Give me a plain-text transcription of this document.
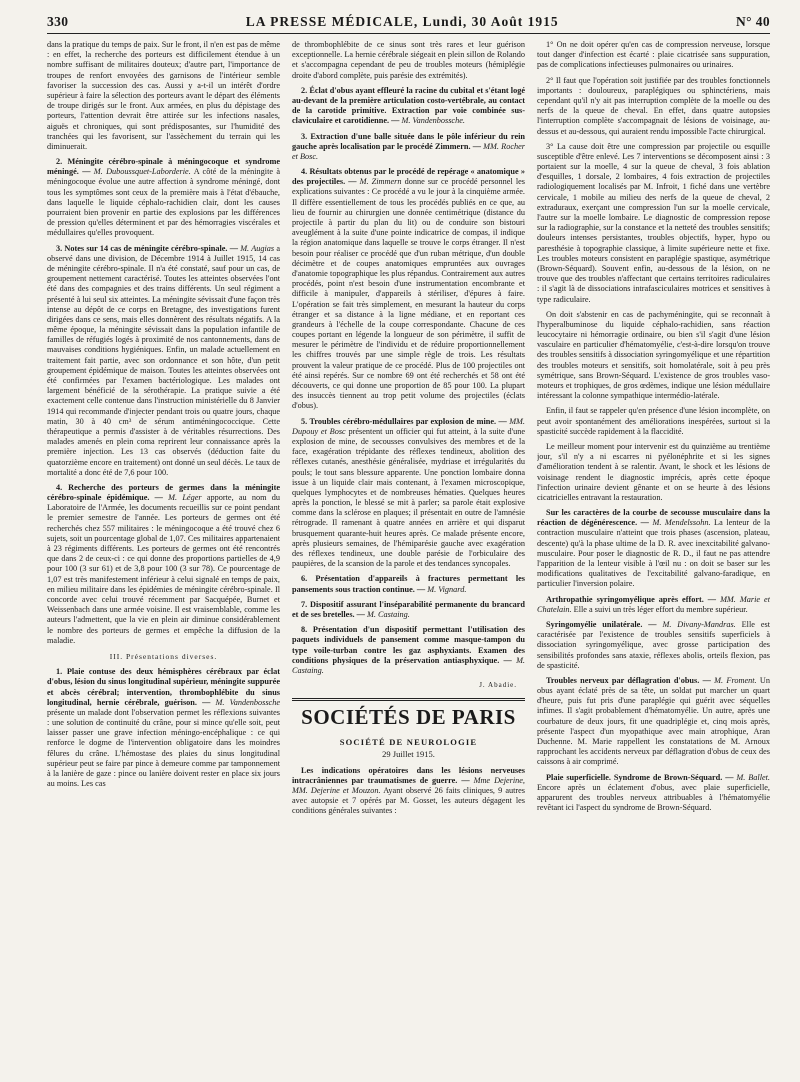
330	LA PRESSE MÉDICALE, Lundi, 30 Août 1915	N° 40

dans la pratique du temps de paix. Sur le front, il n'en est pas de même : en effet, la recherche des porteurs est difficilement étendue à un nombre suffisant de militaires douteux; d'autre part, l'importance de troupes de renfort envoyées des garnisons de l'intérieur semble favoriser la succession des cas. Aussi y a-t-il un intérêt d'ordre supérieur à faire la sélection des porteurs avant le départ des éléments de troupe dirigés sur le front. Aux armées, en plus du dépistage des porteurs, l'attention devrait être attirée sur les infections nasales, aiguës et chroniques, qui sont prédisposantes, sur l'humidité des tranchées qui les favorisent, sur l'assèchement du terrain qui les diminuerait.

2. Méningite cérébro-spinale à méningocoque et syndrome méningé. — M. Duboussquet-Laborderie. A côté de la méningite à méningocoque évolue une autre affection à syndrome méningé, dont tous les symptômes sont ceux de la première mais à l'état d'ébauche, dans laquelle le liquide céphalo-rachidien clair, dont les causes pourraient bien provenir en partie des explosions par les différences de pression qu'elles déterminent et par des hémorragies viscérales et médullaires qu'elles provoquent.

3. Notes sur 14 cas de méningite cérébro-spinale. — M. Augias a observé dans une division, de Décembre 1914 à Juillet 1915, 14 cas de méningite cérébro-spinale. Il n'a été constaté, sauf pour un cas, de groupement nettement caractérisé. Toutes les atteintes observées l'ont été dans des compagnies et des trains différents. Un seul régiment a présenté à lui seul six atteintes. La méningite sévissait d'une façon très intense au dépôt de ce corps en Bretagne, des investigations furent dirigées dans ce sens, mais elles donnèrent des résultats négatifs. A la même époque, la méningite sévissait dans la population infantile de familles de réfugiés logés à proximité de nos cantonnements, dans de mauvaises conditions hygiéniques. Enfin, un malade actuellement en traitement fait partie, avec son ordonnance et son hôte, d'un petit groupement épidémique de maison. Toutes les atteintes observées ont été confirmées par l'examen bactériologique. Les malades ont largement bénéficié de la sérothérapie. La pratique suivie a été exactement celle contenue dans l'instruction ministérielle du 8 Janvier 1914 qui recommande d'injecter pendant trois ou quatre jours, chaque matin, 30 à 40 cm³ de sérum antiméningococcique. Cette thérapeutique a permis d'assister à de véritables résurrections. Des malades amenés en plein coma reprirent leur connaissance après la première injection. Les 13 cas observés (déduction faite du quatorzième encore en traitement) ont donné un seul décès. Le taux de mortalité a donc été de 7,6 pour 100.

4. Recherche des porteurs de germes dans la méningite cérébro-spinale épidémique. — M. Léger apporte, au nom du Laboratoire de l'Armée, les documents recueillis sur ce point pendant le premier semestre de l'année. Les porteurs de germes ont été recherchés chez 557 militaires : le méningocoque a été trouvé chez 6 sujets, soit un pourcentage global de 1,07. Ces militaires appartenaient à 23 régiments différents. Les porteurs de germes ont été rencontrés que dans 2 de ceux-ci : ce qui donne des proportions partielles de 4,9 pour 100 (3 sur 61) et de 3,8 pour 100 (3 sur 78). Ce pourcentage de 1,07 est très manifestement inférieur à celui signalé en temps de paix, en milieu militaire dans les épidémies de méningite cérébro-spinale. Il concorde avec celui trouvé récemment par Sacquépée, Burnet et Weissenbach dans une armée voisine. Il est vraisemblable, comme les auteurs l'admettent, que la vie en plein air diminue considérablement le nombre des porteurs de germes et empêche la diffusion de la maladie.

III. Présentations diverses.

1. Plaie contuse des deux hémisphères cérébraux par éclat d'obus, lésion du sinus longitudinal supérieur, méningite suppurée et abcès cérébral; intervention, thrombophlébite du sinus longitudinal, hernie cérébrale, guérison. — M. Vandenbossche présente un malade dont l'observation permet les réflexions suivantes : une solution de continuité du crâne, pour si mince qu'elle soit, peut laisser passer une grave infection méningo-encéphalique : ce qui renforce le dogme de l'intervention obligatoire dans les moindres fêlures du crâne. L'hémostase des plaies du sinus longitudinal supérieur peut se faire par pince à demeure comme par tamponnement à la lanière de gaze : pince ou lanière doivent rester en place six jours au moins. Les cas

de thrombophlébite de ce sinus sont très rares et leur guérison exceptionnelle. La hernie cérébrale siégeait en plein sillon de Rolando et s'accompagna cependant de peu de troubles moteurs (hémiplégie droite d'abord complète, puis parésie des extrémités).

2. Éclat d'obus ayant effleuré la racine du cubital et s'étant logé au-devant de la première articulation costo-vertébrale, au contact de la carotide primitive. Extraction par voie combinée sus-claviculaire et carotidienne. — M. Vandenbossche.

3. Extraction d'une balle située dans le pôle inférieur du rein gauche après localisation par le procédé Zimmern. — MM. Rocher et Bosc.

4. Résultats obtenus par le procédé de repérage « anatomique » des projectiles. — M. Zimmern donne sur ce procédé personnel les explications suivantes : Ce procédé a vu le jour à la cinquième armée. Il diffère essentiellement de tous les procédés publiés en ce que, au lieu de fournir au chirurgien une donnée centimétrique (distance du projectile à partir du plan du lit) ou de conduire son bistouri aveuglément à la suite d'une pointe indicatrice de compas, il indique la région anatomique dans laquelle se trouve le corps étranger. Il n'est besoin pour réaliser ce procédé que d'un ruban métrique, d'un double décimètre et de coupes anatomiques empruntées aux ouvrages d'anatomie topographique les plus répandus. Contrairement aux autres procédés, point n'est besoin d'une instrumentation encombrante et difficile à manipuler, d'appareils à stériliser, d'épures à faire. L'opération se fait très simplement, en mesurant la hauteur du corps étranger et sa distance à la ligne médiane, et en reportant ces grandeurs à l'échelle de la coupe correspondante. Chacune de ces coupes portant en légende la longueur de son périmètre, il suffit de mesurer le périmètre de l'individu et de réduire proportionnellement les chiffres trouvés par une simple règle de trois. Les résultats prouvent la valeur pratique de ce procédé. Plus de 100 projectiles ont été ainsi repérés. Sur ce nombre 69 ont été recherchés et 58 ont été découverts, ce qui donne une proportion de 85 pour 100. La plupart des insuccès tiennent au trop petit volume des projectiles (éclats d'obus).

5. Troubles cérébro-médullaires par explosion de mine. — MM. Dupouy et Bosc présentent un officier qui fut atteint, à la suite d'une explosion de mine, de secousses convulsives des membres et de la face, exagération trépidante des réflexes tendineux, abolition des réflexes cutanés, anesthésie généralisée, mydriase et irrégularités du pouls; le tout sans blessure apparente. Une ponction lombaire donna issue à un liquide clair mais contenant, à l'examen microscopique, quelques lymphocytes et de nombreuses hématies. Quelques heures après la ponction, le blessé se mit à parler; sa parole était explosive comme dans la sclérose en plaques; il présentait en outre de l'amnésie rétrograde. Il ramenant à quatre années en arrière et qui disparut brusquement quarante-huit heures après. Ce malade présente encore, après plusieurs semaines, de l'hémiparésie gauche avec exagération des réflexes tendineux, une double parésie de l'orbiculaire des paupières, de la scansion de la parole et des tendances syncopales.

6. Présentation d'appareils à fractures permettant les pansements sous traction continue. — M. Vignard.

7. Dispositif assurant l'inséparabilité permanente du brancard et de ses bretelles. — M. Castaing.

8. Présentation d'un dispositif permettant l'utilisation des paquets individuels de pansement comme masque-tampon du type voile-turban contre les gaz asphyxiants. Examen des conditions physiques de la préservation antiasphyxique. — M. Castaing.

J. Abadie.
SOCIÉTÉS DE PARIS
SOCIÉTÉ DE NEUROLOGIE
29 Juillet 1915.

Les indications opératoires dans les lésions nerveuses intracrâniennes par traumatismes de guerre. — Mme Dejerine, MM. Dejerine et Mouzon. Ayant observé 26 faits cliniques, 9 autres avec autopsie et 7 opérés par M. Gosset, les auteurs dégagent les conditions générales suivantes :

1° On ne doit opérer qu'en cas de compression nerveuse, lorsque tout danger d'infection est écarté : plaie cicatrisée sans suppuration, pas de complications infectieuses pulmonaires ou urinaires.

2° Il faut que l'opération soit justifiée par des troubles fonctionnels importants : douloureux, paraplégiques ou sphinctériens, mais cependant qu'il n'y ait pas interruption complète de la moelle ou des nerfs de la queue de cheval. En effet, dans quatre autopsies l'interruption complète s'accompagnait de lésions de voisinage, au-dessus et au-dessous, qui auraient rendu impossible l'acte chirurgical.

3° La cause doit être une compression par projectile ou esquille susceptible d'être enlevé. Les 7 interventions se décomposent ainsi : 3 portaient sur la moelle, 4 sur la queue de cheval, 3 fois ablation d'esquilles, 1 dorsale, 2 lombaires, 4 fois extraction de projectiles radiologiquement localisés par M. Infroit, 1 fiché dans une vertèbre cervicale, 1 mobile au milieu des nerfs de la queue de cheval, 2 extraduraux, exerçant une compression l'un sur la moelle cervicale, l'autre sur la moelle lombaire. Le diagnostic de compression repose sur la radiographie, sur la constance et la netteté des troubles sensitifs; douleurs intenses persistantes, troubles objectifs, hyper, hypo ou paresthésie à topographie classique, à limite supérieure nette et fixe. Les troubles moteurs consistent en paraplégie spastique, asymétrique (Brown-Séquard). Souvent enfin, au-dessous de la lésion, on ne trouve que des troubles n'affectant que certains territoires radiculaires : il s'agit là de dissociations intrafasciculaires motrices et sensitives à type radiculaire.

On doit s'abstenir en cas de pachyméningite, qui se reconnaît à l'hyperalbuminose du liquide céphalo-rachidien, sans réaction leucocytaire ni hémorragie ordinaire, ou bien s'il s'agit d'une lésion vasculaire en particulier d'hématomyélie, c'est-à-dire lorsqu'on trouve des troubles sensitifs à dissociation syringomyélique et une répartition des troubles moteurs et sensitifs, soit homolatérale, soit à peu près symétrique, sans Brown-Séquard. L'existence de gros troubles vaso-moteurs et trophiques, de gros œdèmes, indique une lésion médullaire intéressant la colonne sympathique intermédio-latérale.

Enfin, il faut se rappeler qu'en présence d'une lésion incomplète, on peut avoir spontanément des améliorations inespérées, surtout si la spasticité succède rapidement à la flaccidité.

Le meilleur moment pour intervenir est du quinzième au trentième jour, s'il n'y a ni escarres ni pyélonéphrite et si les signes d'amélioration tendent à se ralentir. Avant, le shock et les lésions de voisinage rendent le diagnostic imprécis, après cette époque l'infection urinaire devient gênante et on se heurte à des lésions cicatricielles entravant la restauration.

Sur les caractères de la courbe de secousse musculaire dans la réaction de dégénérescence. — M. Mendelssohn. La lenteur de la contraction musculaire n'atteint que trois phases (ascension, plateau, descente) qu'à la phase ultime de la D. R. avec inexcitabilité galvano-musculaire. Pour poser le diagnostic de R. D., il faut ne pas attendre l'apparition de la lenteur visible à l'œil nu : on doit se baser sur les modifications qualitatives de l'excitabilité galvano-faradique, en particulier l'inversion polaire.

Arthropathie syringomyélique après effort. — MM. Marie et Chatelain. Elle a suivi un très léger effort du membre supérieur.

Syringomyélie unilatérale. — M. Divany-Mandras. Elle est caractérisée par l'existence de troubles sensitifs superficiels à dissociation syringomyélique, avec grosse participation des sensibilités profondes sans ataxie, réflexes abolis, orteils flexion, pas de spasticité.

Troubles nerveux par déflagration d'obus. — M. Froment. Un obus ayant éclaté près de sa tête, un soldat put marcher un quart d'heure, puis fut pris d'une paraplégie qui guérit avec séquelles infimes. Il s'agit probablement d'hématomyélie. Un autre, après une courbature de deux jours, fit une quadriplégie et, cinq mois après, présente l'aspect d'un myopathique avec main atrophique, Aran Duchenne. M. Marie rappellent les constatations de M. Arnoux rapprochant les accidents nerveux par déflagration d'obus de ceux des caissons à air comprimé.

Plaie superficielle. Syndrome de Brown-Séquard. — M. Ballet. Encore après un éclatement d'obus, avec plaie superficielle, apparurent des troubles nerveux attribuables à l'hématomyélie revêtant ici l'aspect du syndrome de Brown-Séquard.
